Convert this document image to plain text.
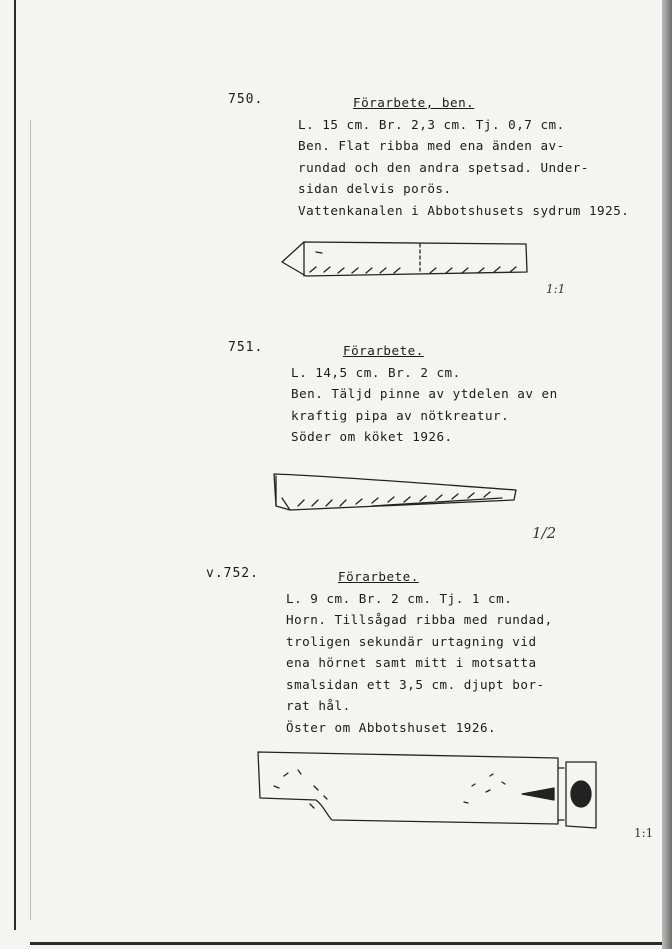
750.	Förarbete, ben.
L. 15 cm. Br. 2,3 cm. Tj. 0,7 cm.
Ben. Flat ribba med ena änden av-
rundad och den andra spetsad. Under-
sidan delvis porös.
Vattenkanalen i Abbotshusets sydrum 1925.
1:1
751.	Förarbete.
L. 14,5 cm. Br. 2 cm.
Ben. Täljd pinne av ytdelen av en
kraftig pipa av nötkreatur.
Söder om köket 1926.
1/2
v.752.	Förarbete.
L. 9 cm. Br. 2 cm. Tj. 1 cm.
Horn. Tillsågad ribba med rundad,
troligen sekundär urtagning vid
ena hörnet samt mitt i motsatta
smalsidan ett 3,5 cm. djupt bor-
rat hål.
Öster om Abbotshuset 1926.
1:1
